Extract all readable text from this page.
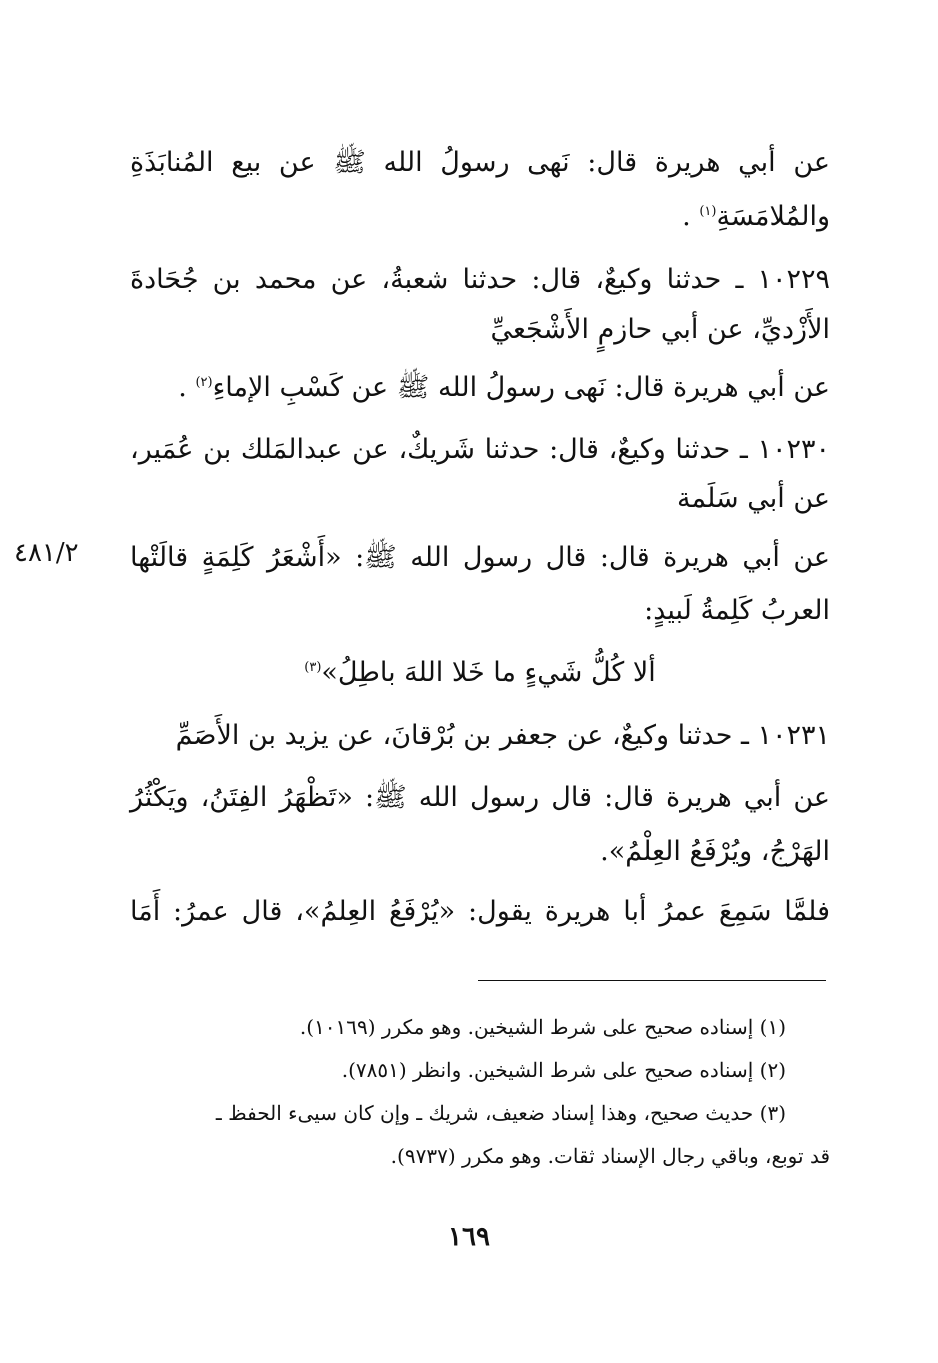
عن أبي هريرة قال: نَهى رسولُ الله ﷺ عن بيع المُنابَذَةِ
والمُلامَسَةِ$^{(١)}$ .
١٠٢٢٩ ـ حدثنا وكيعٌ، قال: حدثنا شعبةُ، عن محمد بن جُحَادةَ
الأَزْديِّ، عن أبي حازمٍ الأَشْجَعيِّ
عن أبي هريرة قال: نَهى رسولُ الله ﷺ عن كَسْبِ الإماءِ$^{(٢)}$ .
١٠٢٣٠ ـ حدثنا وكيعٌ، قال: حدثنا شَريكٌ، عن عبدالمَلك بن عُمَير،
عن أبي سَلَمة
عن أبي هريرة قال: قال رسول الله ﷺ: «أَشْعَرُ كَلِمَةٍ قالَتْها
٤٨١/٢
العربُ كَلِمةُ لَبيدٍ:
ألا كُلُّ شَيءٍ ما خَلا اللهَ باطِلُ»$^{(٣)}$
١٠٢٣١ ـ حدثنا وكيعٌ، عن جعفر بن بُرْقانَ، عن يزيد بن الأَصَمِّ
عن أبي هريرة قال: قال رسول الله ﷺ: «تَظْهَرُ الفِتَنُ، ويَكْثُرُ
الهَرْجُ، ويُرْفَعُ العِلْمُ».
فلمَّا سَمِعَ عمرُ أبا هريرة يقول: «يُرْفَعُ العِلمُ»، قال عمرُ: أَمَا
(١) إسناده صحيح على شرط الشيخين. وهو مكرر (١٠١٦٩).
(٢) إسناده صحيح على شرط الشيخين. وانظر (٧٨٥١).
(٣) حديث صحيح، وهذا إسناد ضعيف، شريك ـ وإن كان سيىء الحفظ ـ
قد توبع، وباقي رجال الإسناد ثقات. وهو مكرر (٩٧٣٧).
١٦٩
